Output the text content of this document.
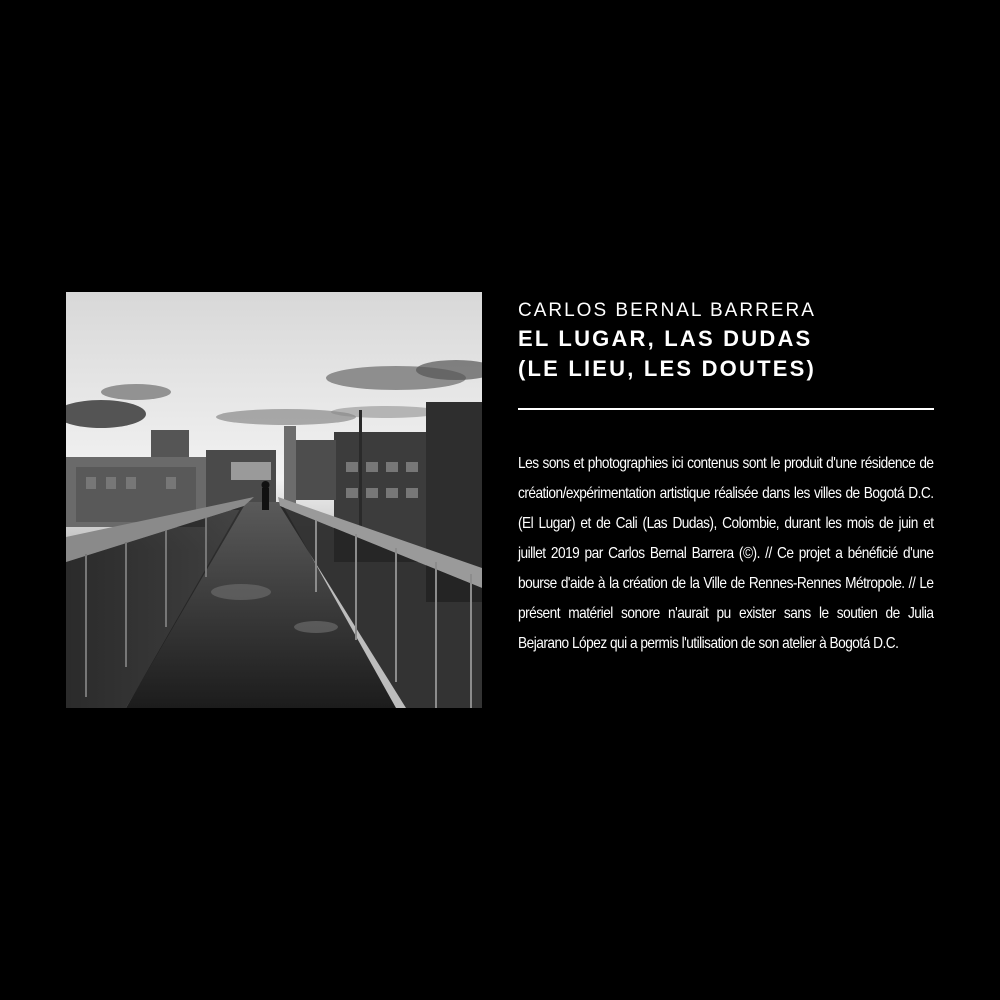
CARLOS BERNAL BARRERA
EL LUGAR, LAS DUDAS
(LE LIEU, LES DOUTES)

Les sons et photographies ici contenus sont le produit d'une résidence de création/expérimentation artistique réalisée dans les villes de Bogotá D.C. (El Lugar) et de Cali (Las Dudas), Colombie, durant les mois de juin et juillet 2019 par Carlos Bernal Barrera (©). // Ce projet a bénéficié d'une bourse d'aide à la création de la Ville de Rennes-Rennes Métropole. // Le présent matériel sonore n'aurait pu exister sans le soutien de Julia Bejarano López qui a permis l'utilisation de son atelier à Bogotá D.C.
